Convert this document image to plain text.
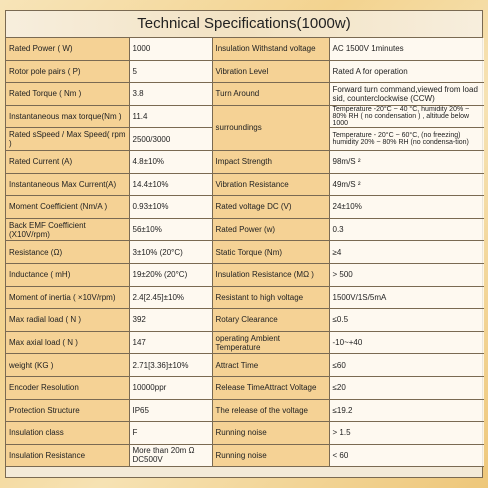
Technical Specifications(1000w)
Rated Power ( W)	1000	Insulation Withstand voltage	AC 1500V 1minutes
Rotor pole pairs ( P)	5	Vibration Level	Rated A for operation
Rated Torque ( Nm )	3.8	Turn Around	Forward turn command,viewed from load sid, counterclockwise (CCW)
Instantaneous max torque(Nm )	11.4	surroundings	Temperature -20°C ~ 40 °C, humidity 20% ~ 80% RH ( no condensation ) , altitude below 1000
Rated sSpeed / Max Speed( rpm )	2500/3000		Temperature - 20°C ~ 60°C, (no freezing) humidity 20% ~ 80% RH (no condensa-tion)
Rated Current (A)	4.8±10%	Impact Strength	98m/S ²
Instantaneous Max Current(A)	14.4±10%	Vibration Resistance	49m/S ²
Moment Coefficient (Nm/A )	0.93±10%	Rated voltage DC (V)	24±10%
Back EMF Coefficient (X10V/rpm)	56±10%	Rated Power (w)	0.3
Resistance (Ω)	3±10% (20°C)	Static Torque (Nm)	≥4
Inductance ( mH)	19±20% (20°C)	Insulation Resistance (MΩ )	> 500
Moment of inertia ( ×10V/rpm)	2.4[2.45]±10%	Resistant to high voltage	1500V/1S/5mA
Max radial load ( N )	392	Rotary Clearance	≤0.5
Max axial load ( N )	147	operating Ambient Temperature	-10~+40
weight (KG )	2.71[3.36]±10%	Attract Time	≤60
Encoder Resolution	10000ppr	Release TimeAttract Voltage	≤20
Protection Structure	IP65	The release of the voltage	≤19.2
Insulation class	F	Running noise	> 1.5
Insulation Resistance	More than 20m Ω DC500V	Running noise	< 60
